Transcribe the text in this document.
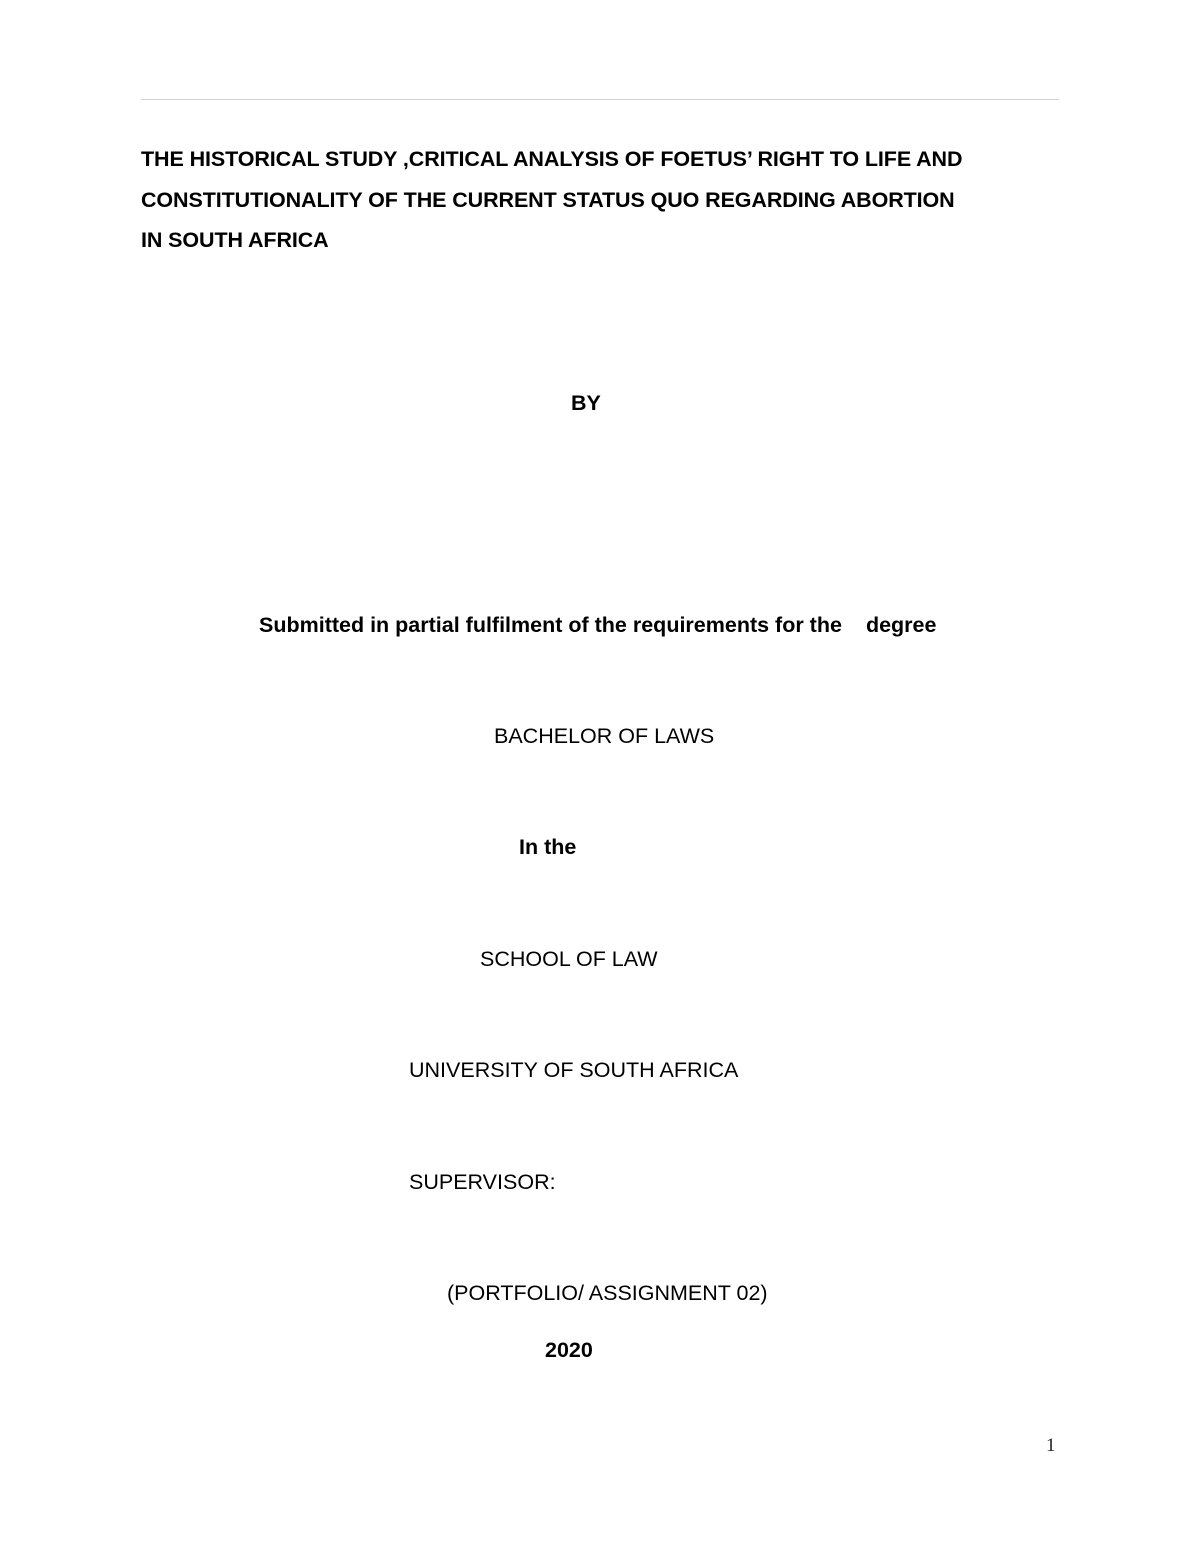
THE HISTORICAL STUDY ,CRITICAL ANALYSIS OF FOETUS’ RIGHT TO LIFE AND
CONSTITUTIONALITY OF THE CURRENT STATUS QUO REGARDING ABORTION
IN SOUTH AFRICA

BY

Submitted in partial fulfilment of the requirements for the degree

BACHELOR OF LAWS

In the

SCHOOL OF LAW

UNIVERSITY OF SOUTH AFRICA

SUPERVISOR:

(PORTFOLIO/ ASSIGNMENT 02)

2020

1
